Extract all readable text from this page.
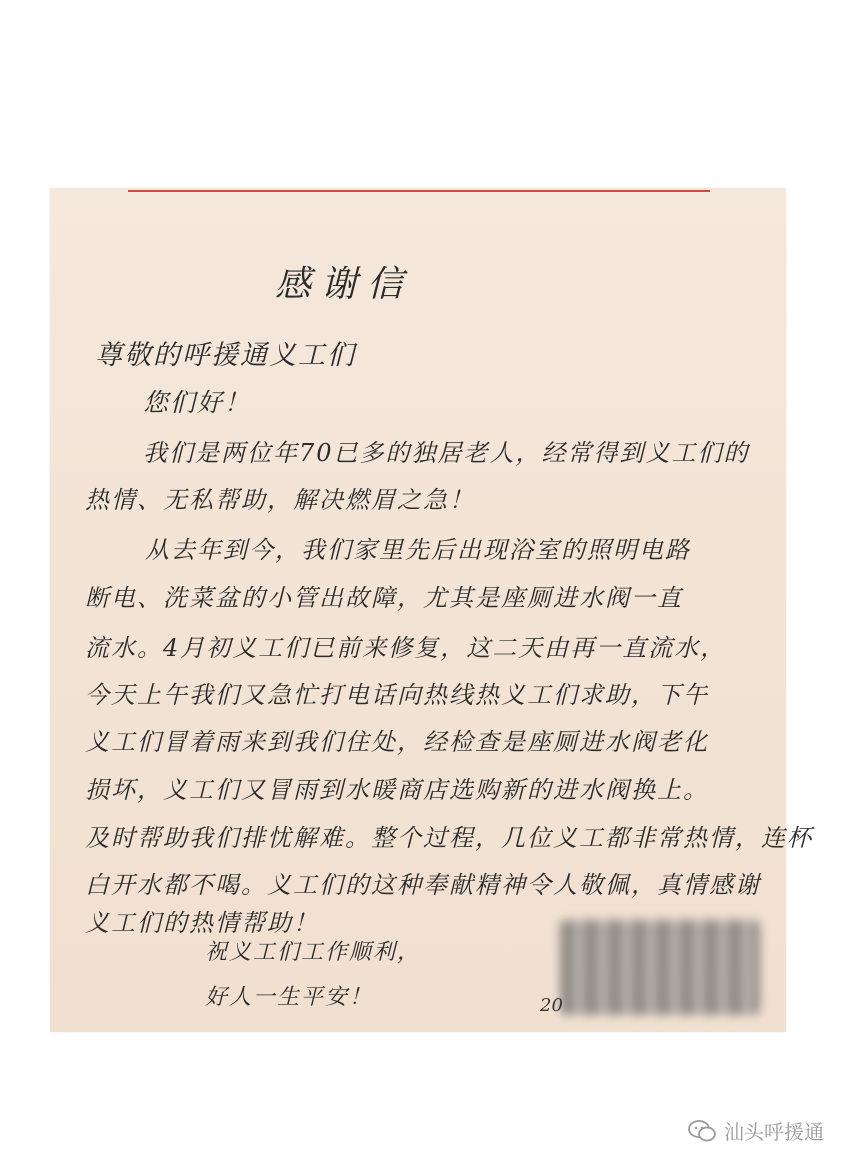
感谢信
尊敬的呼援通义工们
您们好！
我们是两位年70已多的独居老人，经常得到义工们的
热情、无私帮助，解决燃眉之急！
从去年到今，我们家里先后出现浴室的照明电路
断电、洗菜盆的小管出故障，尤其是座厕进水阀一直
流水。4月初义工们已前来修复，这二天由再一直流水，
今天上午我们又急忙打电话向热线热义工们求助，下午
义工们冒着雨来到我们住处，经检查是座厕进水阀老化
损坏，义工们又冒雨到水暖商店选购新的进水阀换上。
及时帮助我们排忧解难。整个过程，几位义工都非常热情，连杯
白开水都不喝。义工们的这种奉献精神令人敬佩，真情感谢
义工们的热情帮助！
祝义工们工作顺利，
好人一生平安！	20
汕头呼援通
